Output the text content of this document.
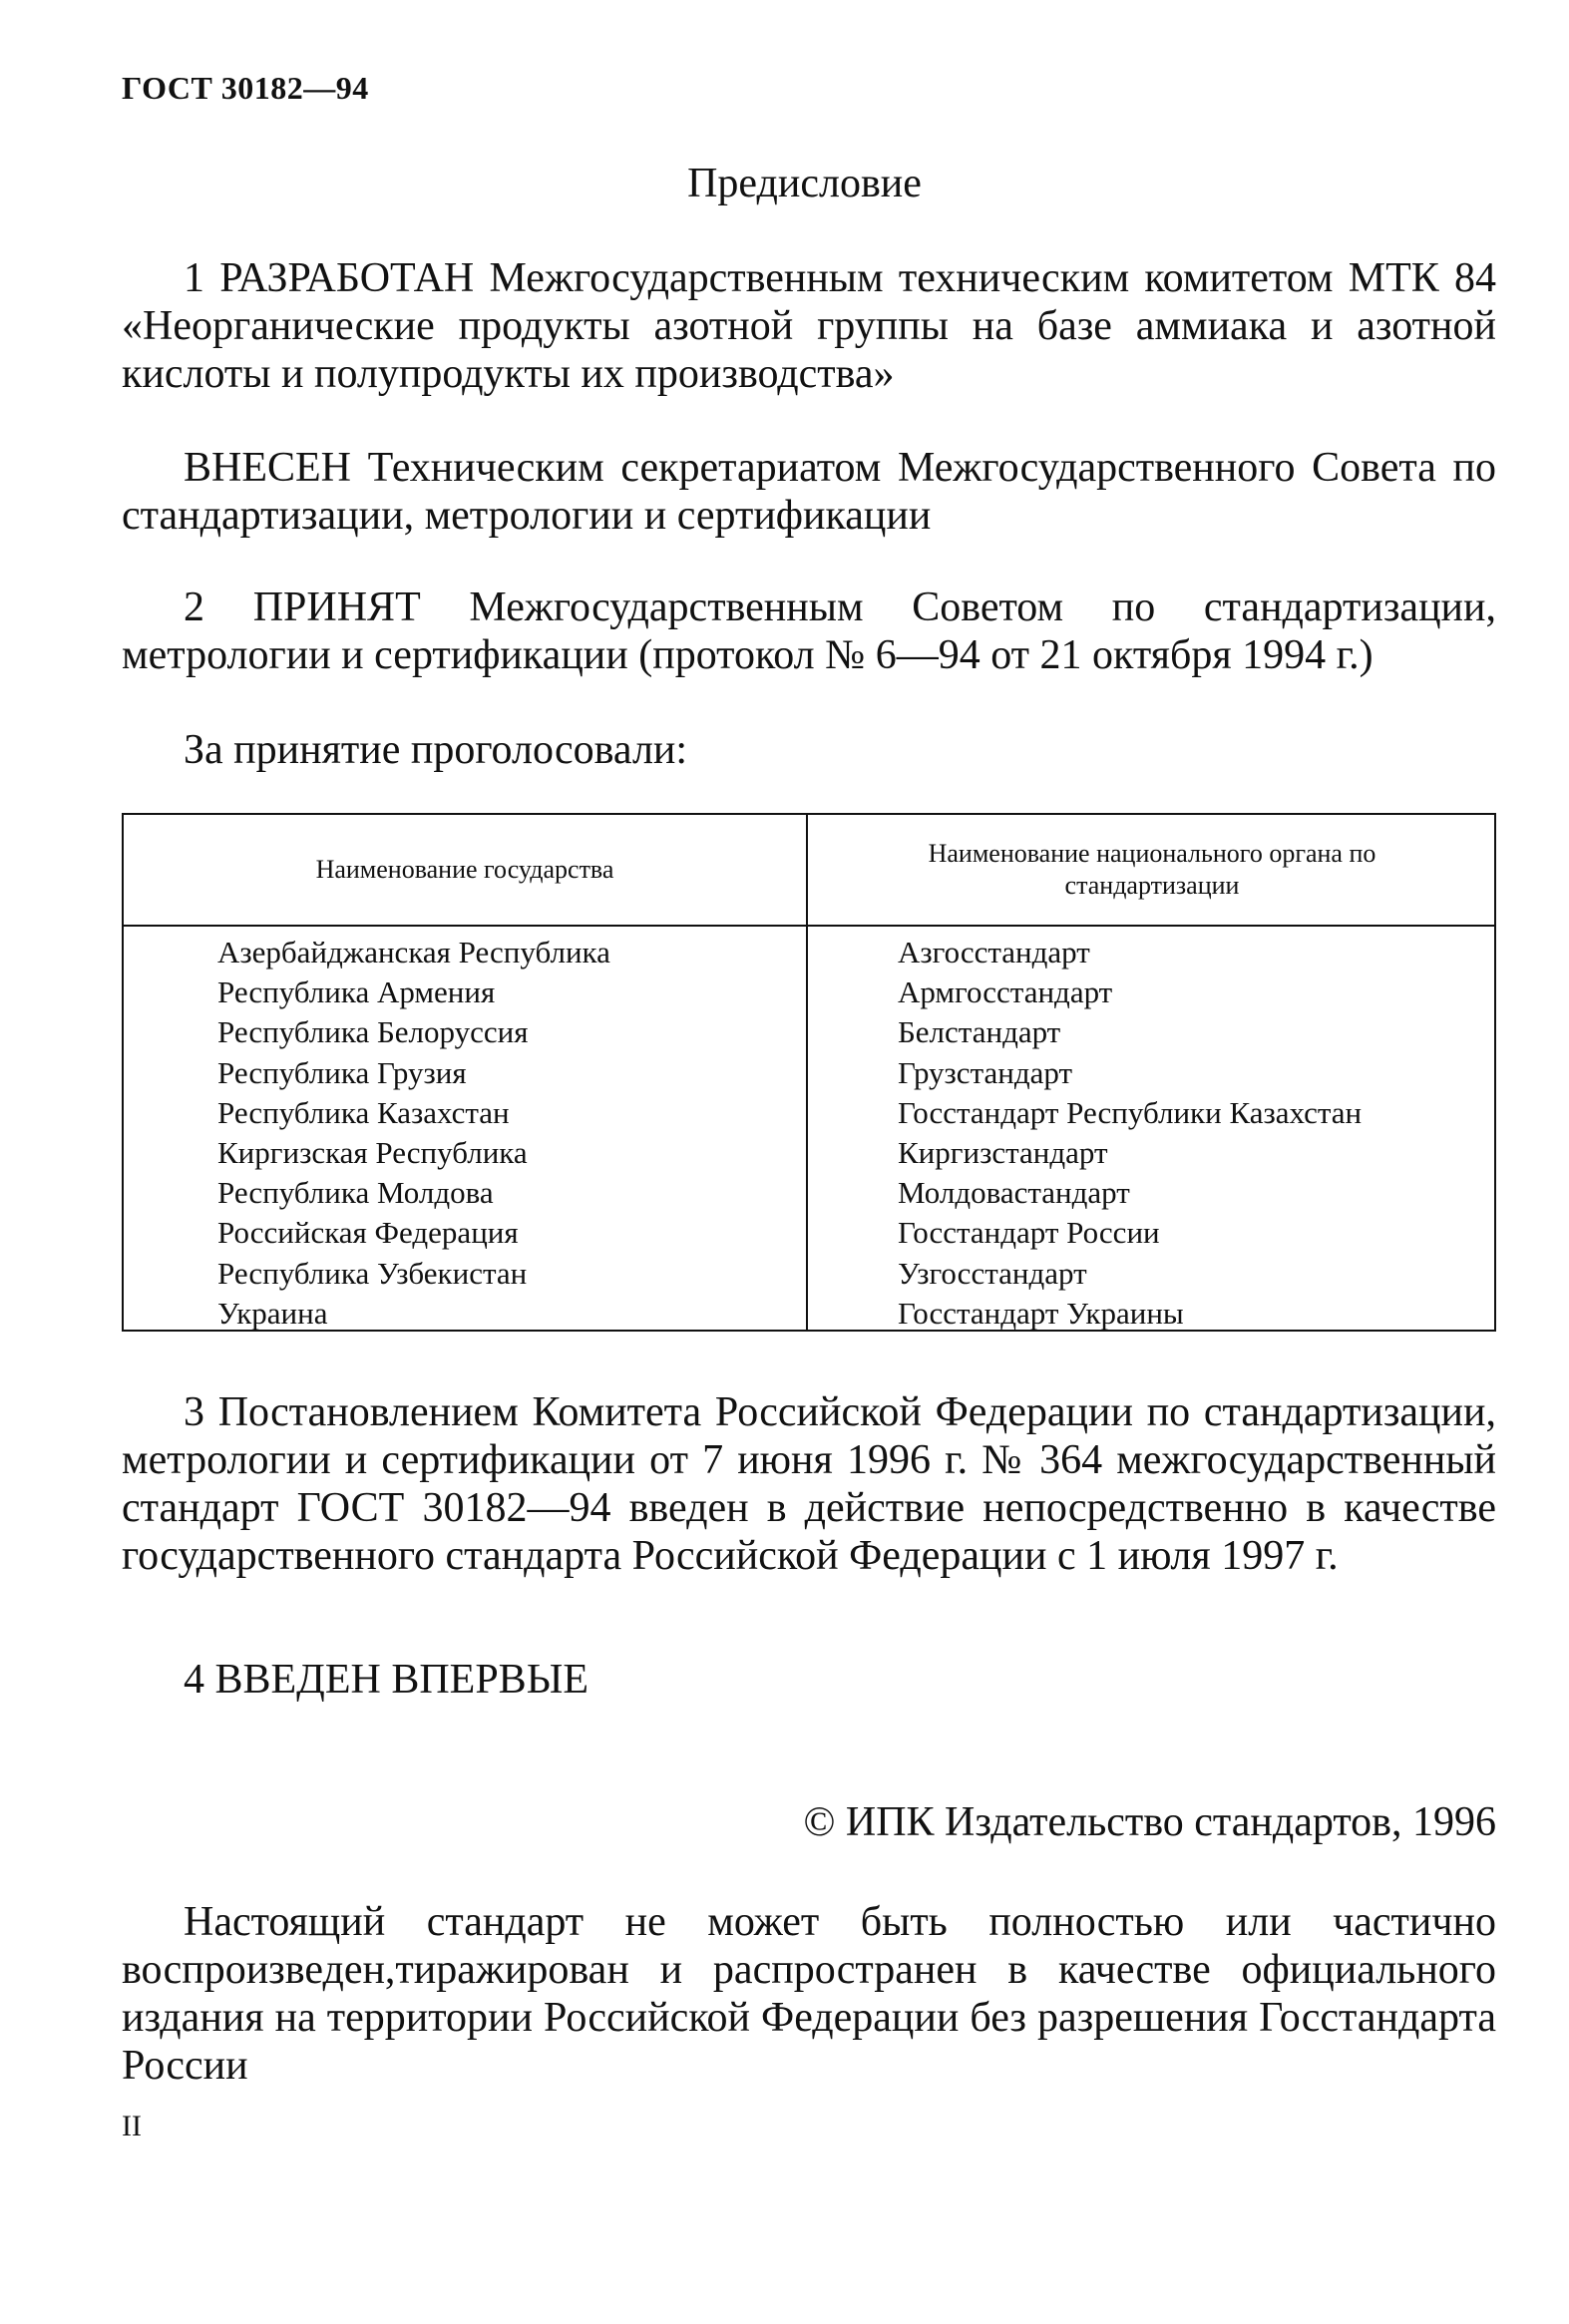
ГОСТ 30182—94
Предисловие

1 РАЗРАБОТАН Межгосударственным техническим комитетом МТК 84 «Неорганические продукты азотной группы на базе аммиака и азотной кислоты и полупродукты их производства»

ВНЕСЕН Техническим секретариатом Межгосударственного Совета по стандартизации, метрологии и сертификации

2 ПРИНЯТ Межгосударственным Советом по стандартизации, метрологии и сертификации (протокол № 6—94 от 21 октября 1994 г.)

За принятие проголосовали:

Наименование государства
Наименование национального органа по стандартизации
Азербайджанская Республика
Республика Армения
Республика Белоруссия
Республика Грузия
Республика Казахстан
Киргизская Республика
Республика Молдова
Российская Федерация
Республика Узбекистан
Украина
Азгосстандарт
Армгосстандарт
Белстандарт
Грузстандарт
Госстандарт Республики Казахстан
Киргизстандарт
Молдовастандарт
Госстандарт России
Узгосстандарт
Госстандарт Украины

3 Постановлением Комитета Российской Федерации по стандартизации, метрологии и сертификации от 7 июня 1996 г. № 364 межгосударственный стандарт ГОСТ 30182—94 введен в действие непосредственно в качестве государственного стандарта Российской Федерации с 1 июля 1997 г.

4 ВВЕДЕН ВПЕРВЫЕ

© ИПК Издательство стандартов, 1996

Настоящий стандарт не может быть полностью или частично воспроизведен,тиражирован и распространен в качестве официального издания на территории Российской Федерации без разрешения Госстандарта России

II
